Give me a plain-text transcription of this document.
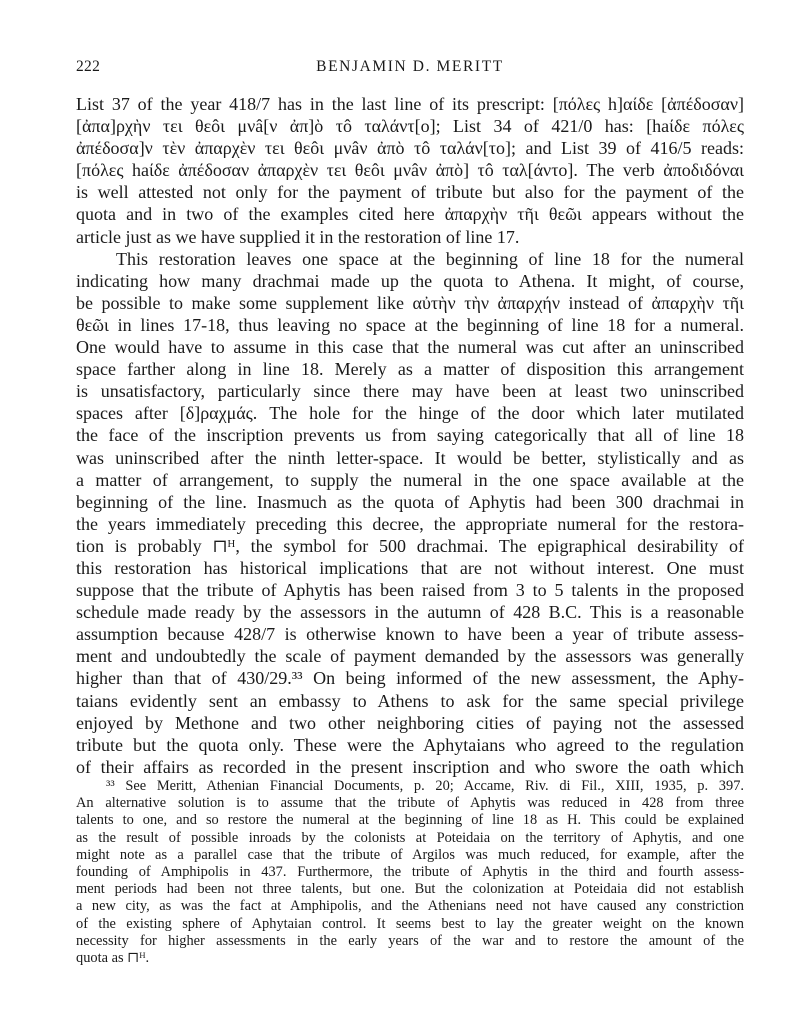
222	BENJAMIN D. MERITT
List 37 of the year 418/7 has in the last line of its prescript: [πόλες h]αίδε [ἀπέδοσαν]
[ἀπα]ρχὴν τει θεôι μνâ[ν ἀπ]ὸ τô ταλάντ[ο]; List 34 of 421/0 has: [haίδε πόλες
ἀπέδοσα]ν τὲν ἀπαρχὲν τει θεôι μνâν ἀπὸ τô ταλάν[το]; and List 39 of 416/5 reads:
[πόλες haίδε ἀπέδοσαν ἀπαρχὲν τει θεôι μνâν ἀπὸ] τô ταλ[άντο]. The verb ἀποδιδόναι
is well attested not only for the payment of tribute but also for the payment of the
quota and in two of the examples cited here ἀπαρχὴν τῆι θεῶι appears without the
article just as we have supplied it in the restoration of line 17.
This restoration leaves one space at the beginning of line 18 for the numeral
indicating how many drachmai made up the quota to Athena. It might, of course,
be possible to make some supplement like αὐτὴν τὴν ἀπαρχήν instead of ἀπαρχὴν τῆι
θεῶι in lines 17-18, thus leaving no space at the beginning of line 18 for a numeral.
One would have to assume in this case that the numeral was cut after an uninscribed
space farther along in line 18. Merely as a matter of disposition this arrangement
is unsatisfactory, particularly since there may have been at least two uninscribed
spaces after [δ]ραχμάς. The hole for the hinge of the door which later mutilated
the face of the inscription prevents us from saying categorically that all of line 18
was uninscribed after the ninth letter-space. It would be better, stylistically and as
a matter of arrangement, to supply the numeral in the one space available at the
beginning of the line. Inasmuch as the quota of Aphytis had been 300 drachmai in
the years immediately preceding this decree, the appropriate numeral for the restora-
tion is probably ⊓ᴴ, the symbol for 500 drachmai. The epigraphical desirability of
this restoration has historical implications that are not without interest. One must
suppose that the tribute of Aphytis has been raised from 3 to 5 talents in the proposed
schedule made ready by the assessors in the autumn of 428 B.C. This is a reasonable
assumption because 428/7 is otherwise known to have been a year of tribute assess-
ment and undoubtedly the scale of payment demanded by the assessors was generally
higher than that of 430/29.³³ On being informed of the new assessment, the Aphy-
taians evidently sent an embassy to Athens to ask for the same special privilege
enjoyed by Methone and two other neighboring cities of paying not the assessed
tribute but the quota only. These were the Aphytaians who agreed to the regulation
of their affairs as recorded in the present inscription and who swore the oath which
³³ See Meritt, Athenian Financial Documents, p. 20; Accame, Riv. di Fil., XIII, 1935, p. 397.
An alternative solution is to assume that the tribute of Aphytis was reduced in 428 from three
talents to one, and so restore the numeral at the beginning of line 18 as H. This could be explained
as the result of possible inroads by the colonists at Poteidaia on the territory of Aphytis, and one
might note as a parallel case that the tribute of Argilos was much reduced, for example, after the
founding of Amphipolis in 437. Furthermore, the tribute of Aphytis in the third and fourth assess-
ment periods had been not three talents, but one. But the colonization at Poteidaia did not establish
a new city, as was the fact at Amphipolis, and the Athenians need not have caused any constriction
of the existing sphere of Aphytaian control. It seems best to lay the greater weight on the known
necessity for higher assessments in the early years of the war and to restore the amount of the
quota as ⊓ᴴ.
